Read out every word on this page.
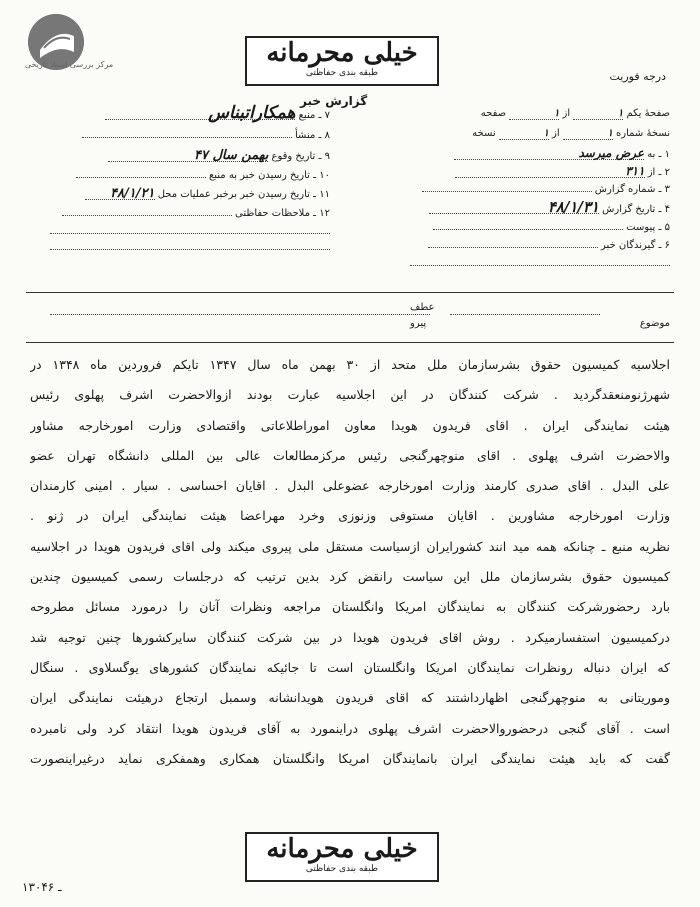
مرکز بررسی اسناد تاریخی	خیلی محرمانه
طبقه بندی حفاظتی	درجه فوریت
گزارش خبر
۷ ـ منبع همکاراتبناس
۸ ـ منشأ
۹ ـ تاریخ وقوع بهمن سال ۴۷
۱۰ ـ تاریخ رسیدن خبر به منبع
۱۱ ـ تاریخ رسیدن خبر برخبر عملیات محل ۴۸/۱/۲۱
۱۲ ـ ملاحظات حفاظتی
صفحهٔ یکم ۱ از ۱ صفحه
نسخهٔ شماره ۱ از ۱ نسخه
۱ ـ به عرض میرسد
۲ ـ از ۳۱۱
۳ ـ شماره گزارش
۴ ـ تاریخ گزارش ۴۸/۱/۳۱
۵ ـ پیوست
۶ ـ گیرندگان خبر
موضوع
عطف
پیرو
اجلاسیه کمیسیون حقوق بشرسازمان ملل متحد از ۳۰ بهمن ماه سال ۱۳۴۷ تایکم فروردین ماه ۱۳۴۸ در
شهرژنومنعقدگردید . شرکت کنندگان در این اجلاسیه عبارت بودند ازوالاحضرت اشرف پهلوی رئیس
هیئت نمایندگی ایران . اقای فریدون هویدا معاون اموراطلاعاتی واقتصادی وزارت امورخارجه مشاور
والاحضرت اشرف پهلوی . اقای منوچهرگنجی رئیس مرکزمطالعات عالی بین المللی دانشگاه تهران عضو
علی البدل . اقای صدری کارمند وزارت امورخارجه عضوعلی البدل . اقایان احساسی . سیار . امینی کارمندان
وزارت امورخارجه مشاورین . اقایان مستوفی وزنوزی وخرد مهراعضا هیئت نمایندگی ایران در ژنو .
نظریه منبع ـ چنانکه همه مید انند کشورایران ازسیاست مستقل ملی پیروی میکند ولی اقای فریدون هویدا در اجلاسیه
کمیسیون حقوق بشرسازمان ملل این سیاست رانقض کرد بدین ترتیب که درجلسات رسمی کمیسیون چندین
بارد رحضورشرکت کنندگان به نمایندگان امریکا وانگلستان مراجعه ونظرات آنان را درمورد مسائل مطروحه
درکمیسیون استفسارمیکرد . روش اقای فریدون هویدا در بین شرکت کنندگان سایرکشورها چنین توجیه شد
که ایران دنباله رونظرات نمایندگان امریکا وانگلستان است تا جائیکه نمایندگان کشورهای یوگسلاوی . سنگال
وموریتانی به منوچهرگنجی اظهارداشتند که اقای فریدون هویدانشانه وسمبل ارتجاع درهیئت نمایندگی ایران
است . آقای گنجی درحضوروالاحضرت اشرف پهلوی دراینمورد به آقای فریدون هویدا انتقاد کرد ولی نامبرده
گفت که باید هیئت نمایندگی ایران بانمایندگان امریکا وانگلستان همکاری وهمفکری نماید درغیراینصورت
خیلی محرمانه
طبقه بندی حفاظتی
۱۳۰ـ ۴۶
